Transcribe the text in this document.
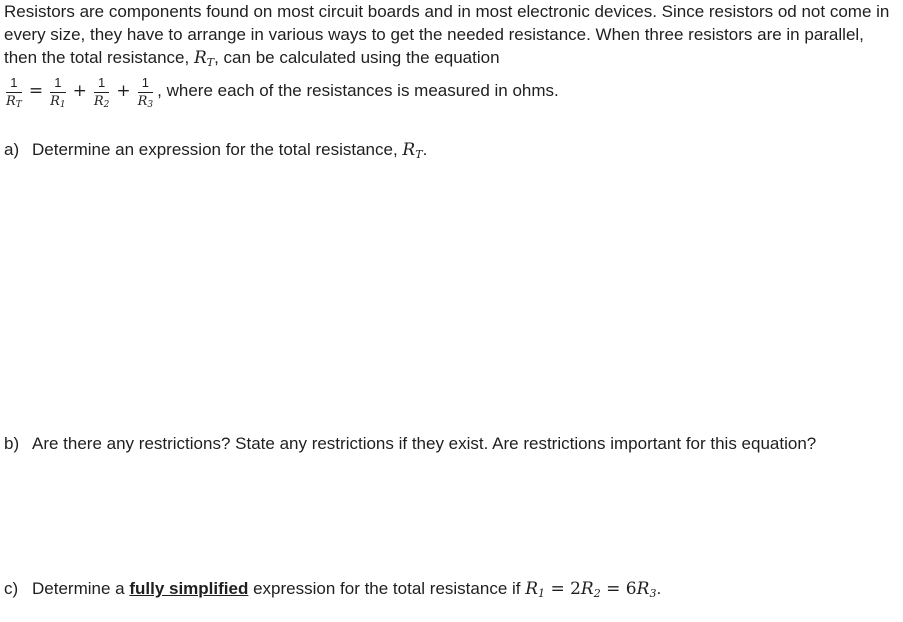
Resistors are components found on most circuit boards and in most electronic devices. Since resistors od not come in every size, they have to arrange in various ways to get the needed resistance. When three resistors are in parallel, then the total resistance, $R_T$, can be calculated using the equation

$\frac{1}{R_T} = \frac{1}{R_1} + \frac{1}{R_2} + \frac{1}{R_3}$ , where each of the resistances is measured in ohms.

a) Determine an expression for the total resistance, $R_T$.

b) Are there any restrictions? State any restrictions if they exist. Are restrictions important for this equation?

c) Determine a fully simplified expression for the total resistance if $R_1 = 2R_2 = 6R_3$.
